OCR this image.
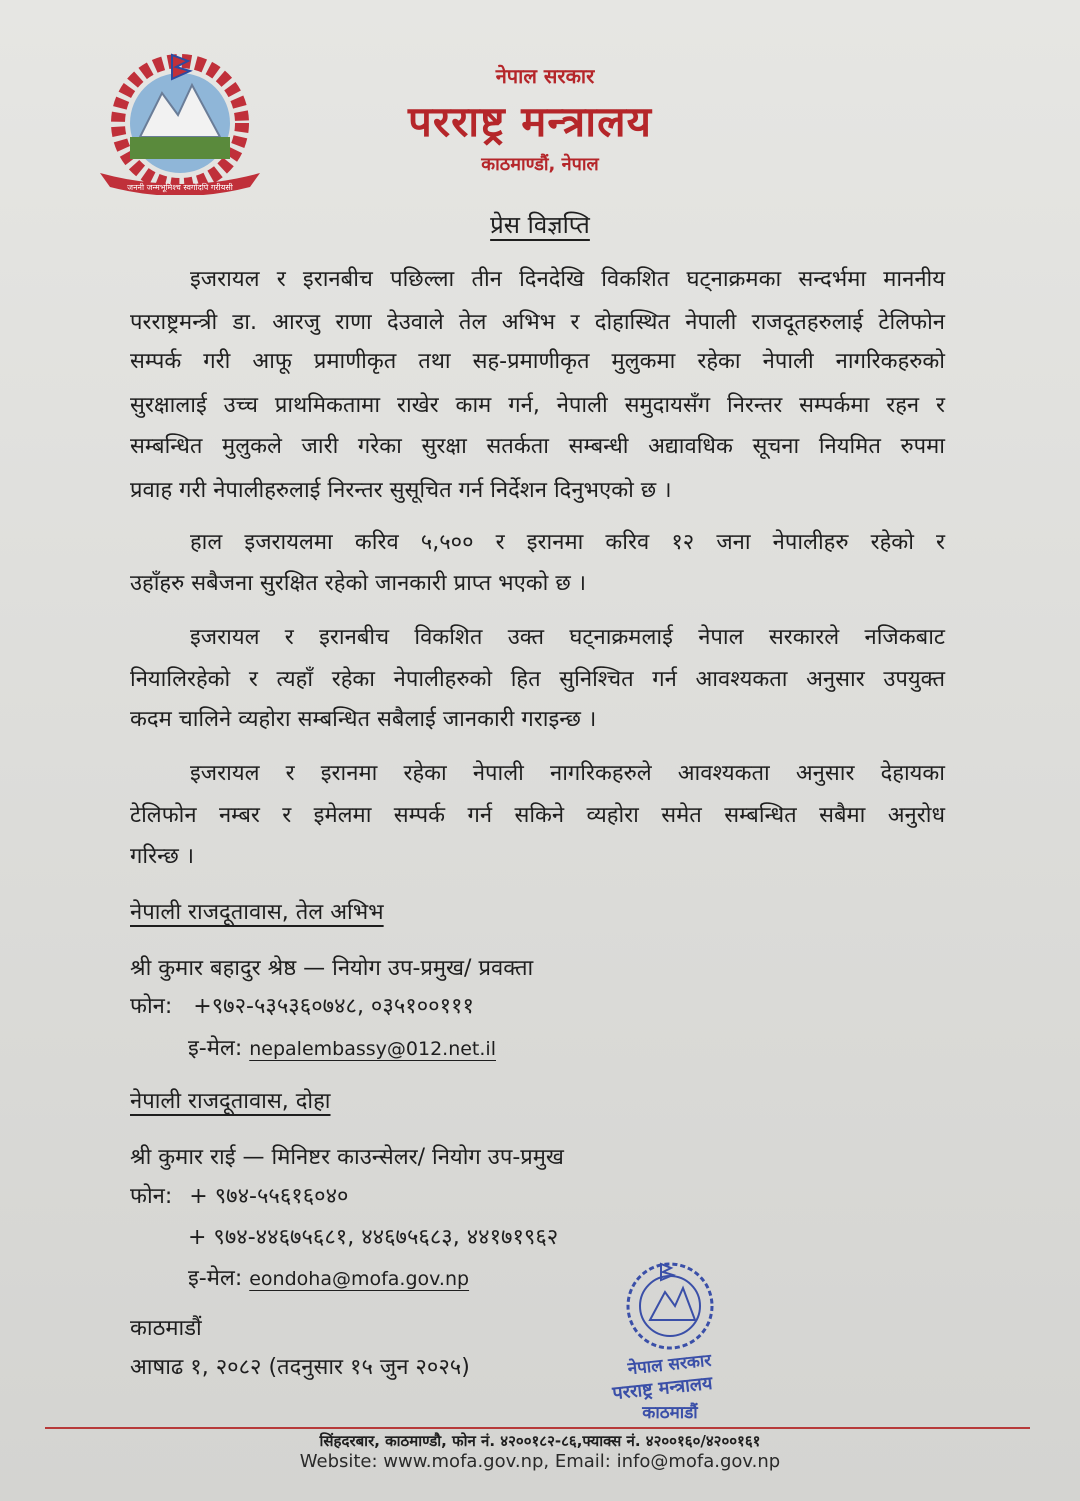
जननी जन्मभूमिश्च स्वर्गादपि गरीयसी
नेपाल सरकार
परराष्ट्र मन्त्रालय
काठमाण्डौं, नेपाल
प्रेस विज्ञप्ति
इजरायल र इरानबीच पछिल्ला तीन दिनदेखि विकशित घट्नाक्रमका सन्दर्भमा माननीय
परराष्ट्रमन्त्री डा. आरजु राणा देउवाले तेल अभिभ र दोहास्थित नेपाली राजदूतहरुलाई टेलिफोन
सम्पर्क गरी आफू प्रमाणीकृत तथा सह-प्रमाणीकृत मुलुकमा रहेका नेपाली नागरिकहरुको
सुरक्षालाई उच्च प्राथमिकतामा राखेर काम गर्न, नेपाली समुदायसँग निरन्तर सम्पर्कमा रहन र
सम्बन्धित मुलुकले जारी गरेका सुरक्षा सतर्कता सम्बन्धी अद्यावधिक सूचना नियमित रुपमा
प्रवाह गरी नेपालीहरुलाई निरन्तर सुसूचित गर्न निर्देशन दिनुभएको छ ।
हाल इजरायलमा करिव ५,५०० र इरानमा करिव १२ जना नेपालीहरु रहेको र
उहाँहरु सबैजना सुरक्षित रहेको जानकारी प्राप्त भएको छ ।
इजरायल र इरानबीच विकशित उक्त घट्नाक्रमलाई नेपाल सरकारले नजिकबाट
नियालिरहेको र त्यहाँ रहेका नेपालीहरुको हित सुनिश्चित गर्न आवश्यकता अनुसार उपयुक्त
कदम चालिने व्यहोरा सम्बन्धित सबैलाई जानकारी गराइन्छ ।
इजरायल र इरानमा रहेका नेपाली नागरिकहरुले आवश्यकता अनुसार देहायका
टेलिफोन नम्बर र इमेलमा सम्पर्क गर्न सकिने व्यहोरा समेत सम्बन्धित सबैमा अनुरोध
गरिन्छ ।
नेपाली राजदूतावास, तेल अभिभ
श्री कुमार बहादुर श्रेष्ठ — नियोग उप-प्रमुख/ प्रवक्ता
फोन: +९७२-५३५३६०७४८, ०३५१००१११
इ-मेल: nepalembassy@012.net.il
नेपाली राजदूतावास, दोहा
श्री कुमार राई — मिनिष्टर काउन्सेलर/ नियोग उप-प्रमुख
फोन: + ९७४-५५६१६०४०
+ ९७४-४४६७५६८१, ४४६७५६८३, ४४१७१९६२
इ-मेल: eondoha@mofa.gov.np
काठमाडौं
आषाढ १, २०८२ (तदनुसार १५ जुन २०२५)	नेपाल सरकार
परराष्ट्र मन्त्रालय
काठमाडौं
सिंहदरबार, काठमाण्डौ, फोन नं. ४२००१८२-८६,फ्याक्स नं. ४२००१६०/४२००१६१
Website: www.mofa.gov.np, Email: info@mofa.gov.np
